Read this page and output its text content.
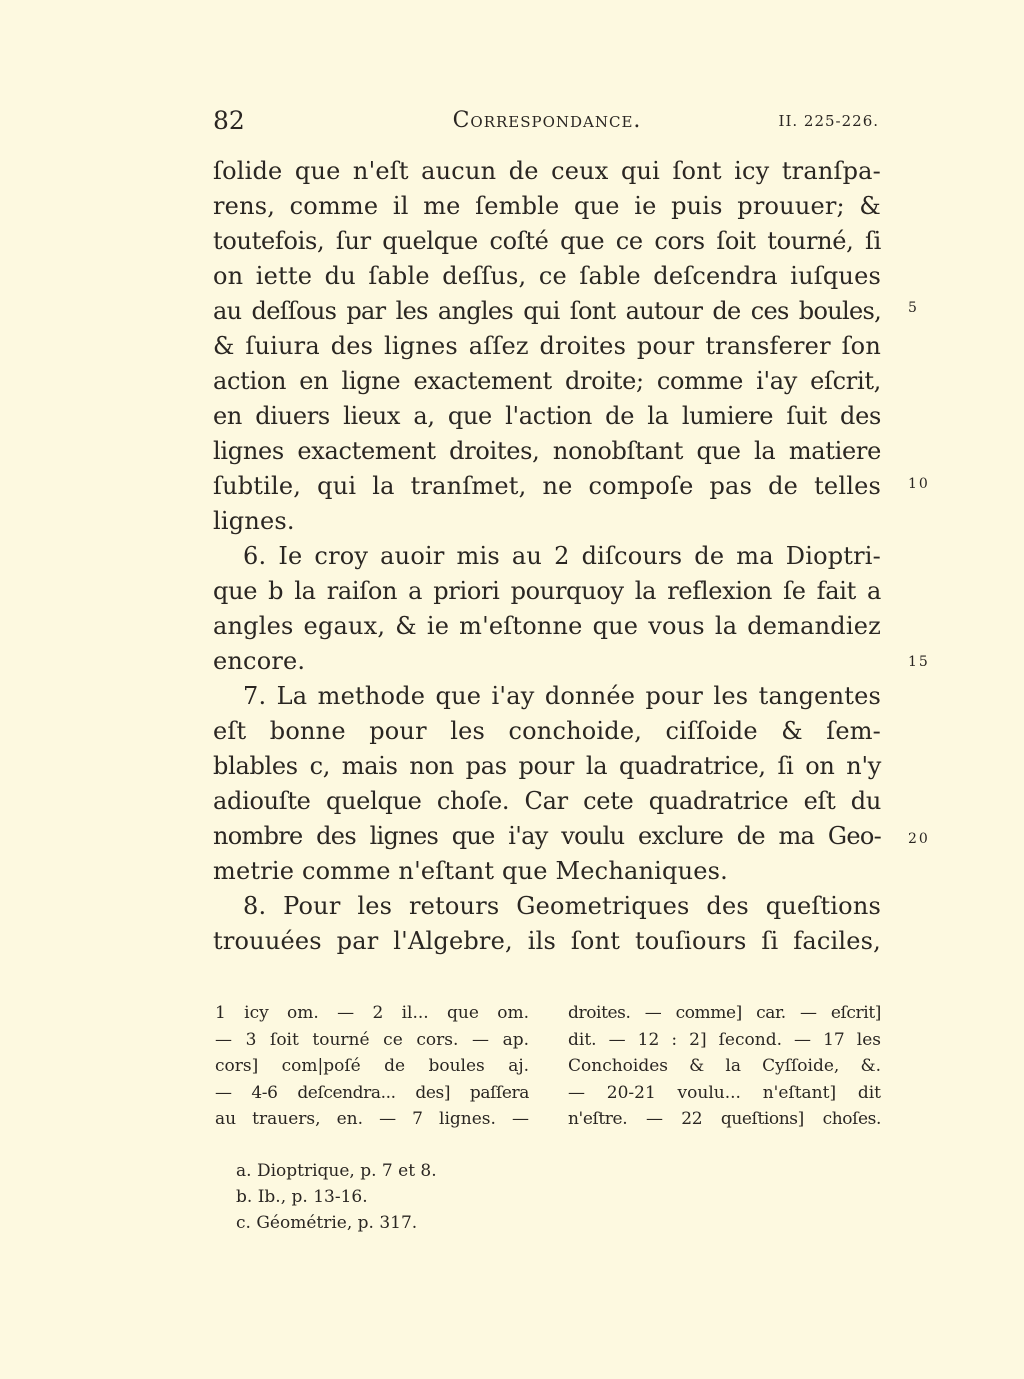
82	Correspondance.	II. 225-226.
ſolide que n'eſt aucun de ceux qui ſont icy tranſpa-
rens, comme il me ſemble que ie puis prouuer; &
toutefois, ſur quelque coſté que ce cors ſoit tourné, ſi
on iette du ſable deſſus, ce ſable deſcendra iuſques
au deſſous par les angles qui ſont autour de ces boules,
& ſuiura des lignes aſſez droites pour transferer ſon
action en ligne exactement droite; comme i'ay eſcrit,
en diuers lieux a, que l'action de la lumiere ſuit des
lignes exactement droites, nonobſtant que la matiere
ſubtile, qui la tranſmet, ne compoſe pas de telles
lignes.
6. Ie croy auoir mis au 2 diſcours de ma Dioptri-
que b la raiſon a priori pourquoy la reflexion ſe fait a
angles egaux, & ie m'eſtonne que vous la demandiez
encore.
7. La methode que i'ay donnée pour les tangentes
eſt bonne pour les conchoide, ciſſoide & ſem-
blables c, mais non pas pour la quadratrice, ſi on n'y
adiouſte quelque choſe. Car cete quadratrice eſt du
nombre des lignes que i'ay voulu exclure de ma Geo-
metrie comme n'eſtant que Mechaniques.
8. Pour les retours Geometriques des queſtions
trouuées par l'Algebre, ils ſont touſiours ſi faciles,
5
10
15
20
1 icy om. — 2 il... que om.
— 3 ſoit tourné ce cors. — ap.
cors] com|poſé de boules aj.
— 4-6 deſcendra... des] paſſera
au trauers, en. — 7 lignes. —
droites. — comme] car. — eſcrit]
dit. — 12 : 2] ſecond. — 17 les
Conchoides & la Cyſſoide, &.
— 20-21 voulu... n'eſtant] dit
n'eſtre. — 22 queſtions] choſes.
a. Dioptrique, p. 7 et 8.
b. Ib., p. 13-16.
c. Géométrie, p. 317.
